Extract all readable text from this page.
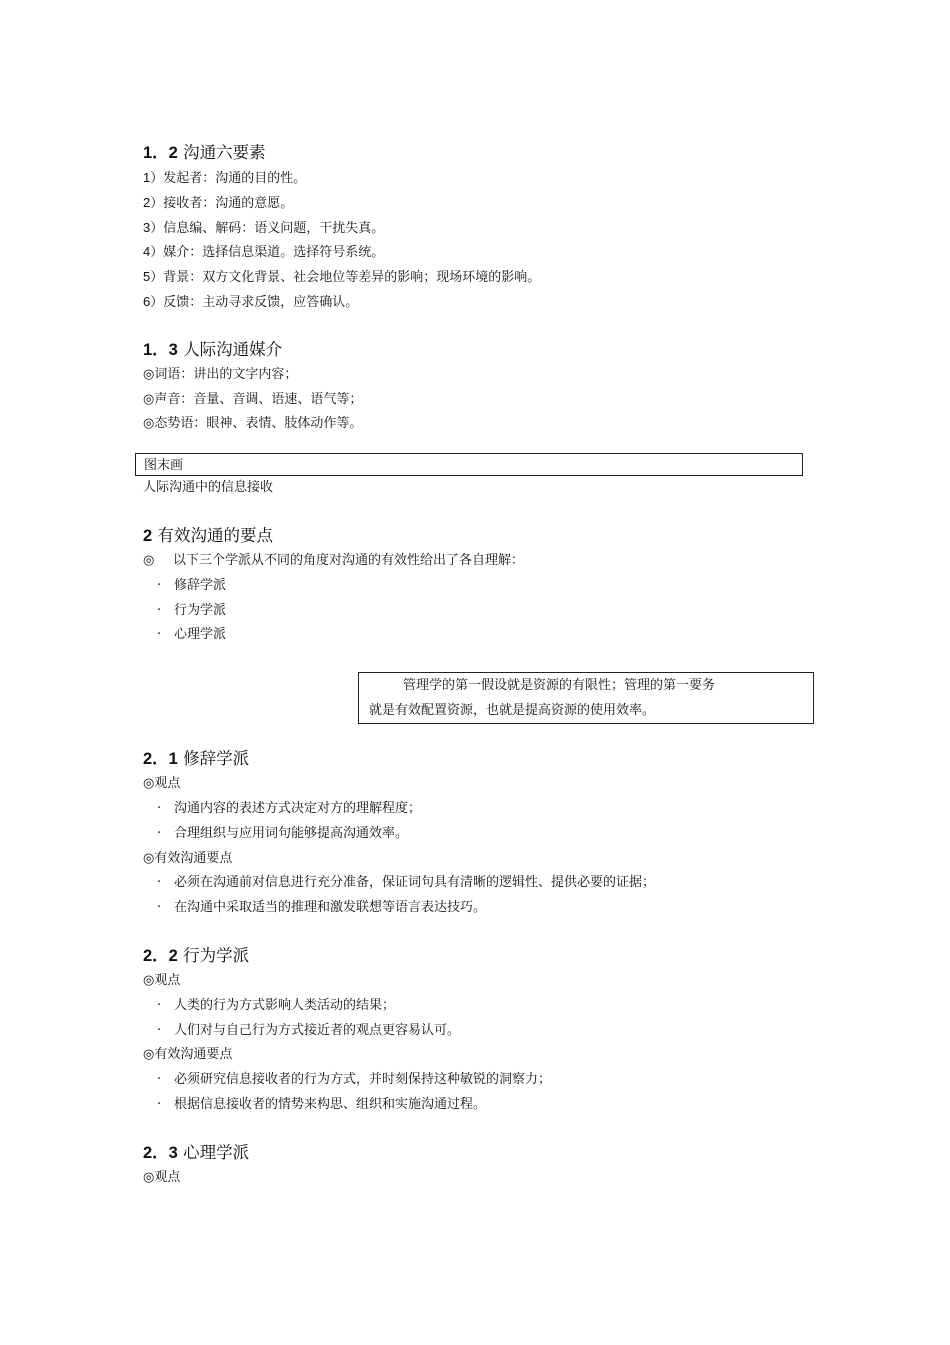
1．2 沟通六要素
1）发起者：沟通的目的性。
2）接收者：沟通的意愿。
3）信息编、解码：语义问题，干扰失真。
4）媒介：选择信息渠道。选择符号系统。
5）背景：双方文化背景、社会地位等差异的影响；现场环境的影响。
6）反馈：主动寻求反馈，应答确认。
1．3 人际沟通媒介
◎词语：讲出的文字内容；
◎声音：音量、音调、语速、语气等；
◎态势语：眼神、表情、肢体动作等。
图末画
人际沟通中的信息接收
2 有效沟通的要点
◎ 以下三个学派从不同的角度对沟通的有效性给出了各自理解：
· 修辞学派
· 行为学派
· 心理学派
管理学的第一假设就是资源的有限性；管理的第一要务
就是有效配置资源，也就是提高资源的使用效率。
2．1 修辞学派
◎观点
· 沟通内容的表述方式决定对方的理解程度；
· 合理组织与应用词句能够提高沟通效率。
◎有效沟通要点
· 必须在沟通前对信息进行充分准备，保证词句具有清晰的逻辑性、提供必要的证据；
· 在沟通中采取适当的推理和激发联想等语言表达技巧。
2．2 行为学派
◎观点
· 人类的行为方式影响人类活动的结果；
· 人们对与自己行为方式接近者的观点更容易认可。
◎有效沟通要点
· 必须研究信息接收者的行为方式，并时刻保持这种敏锐的洞察力；
· 根据信息接收者的情势来构思、组织和实施沟通过程。
2．3 心理学派
◎观点
